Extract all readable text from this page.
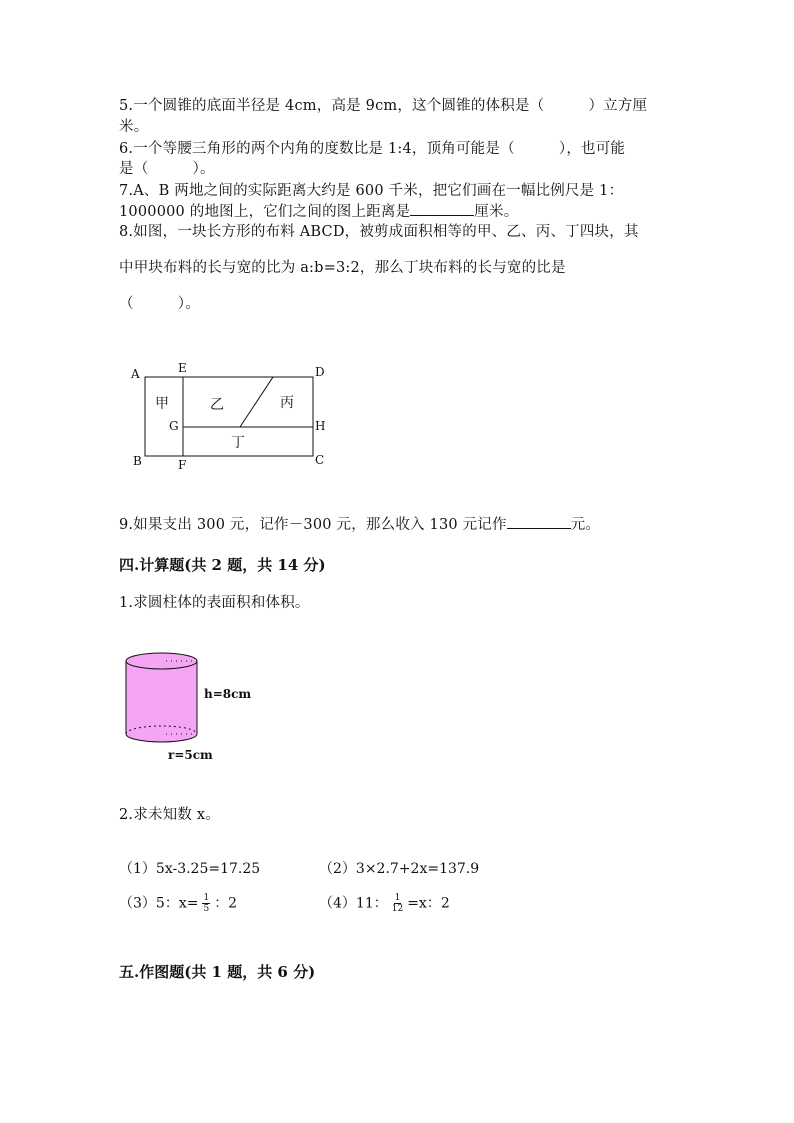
5.一个圆锥的底面半径是 4cm，高是 9cm，这个圆锥的体积是（　　　）立方厘
米。
6.一个等腰三角形的两个内角的度数比是 1:4，顶角可能是（　　　），也可能
是（　　　）。
7.A、B 两地之间的实际距离大约是 600 千米，把它们画在一幅比例尺是 1：
1000000 的地图上，它们之间的图上距离是	厘米。
8.如图，一块长方形的布料 ABCD，被剪成面积相等的甲、乙、丙、丁四块，其
中甲块布料的长与宽的比为 a:b=3:2，那么丁块布料的长与宽的比是
（　　　）。
A	E	D
G	H
B	F	C
甲	乙	丙
丁
9.如果支出 300 元，记作－300 元，那么收入 130 元记作	元。
四.计算题(共 2 题，共 14 分)
1.求圆柱体的表面积和体积。
h=8cm
r=5cm
2.求未知数 x。
（1）5x-3.25=17.25	（2）3×2.7+2x=137.9
（3）5：$x= \frac{1}{5}$ ：2	（4）11： $\frac{1}{12} =x$：2
五.作图题(共 1 题，共 6 分)
